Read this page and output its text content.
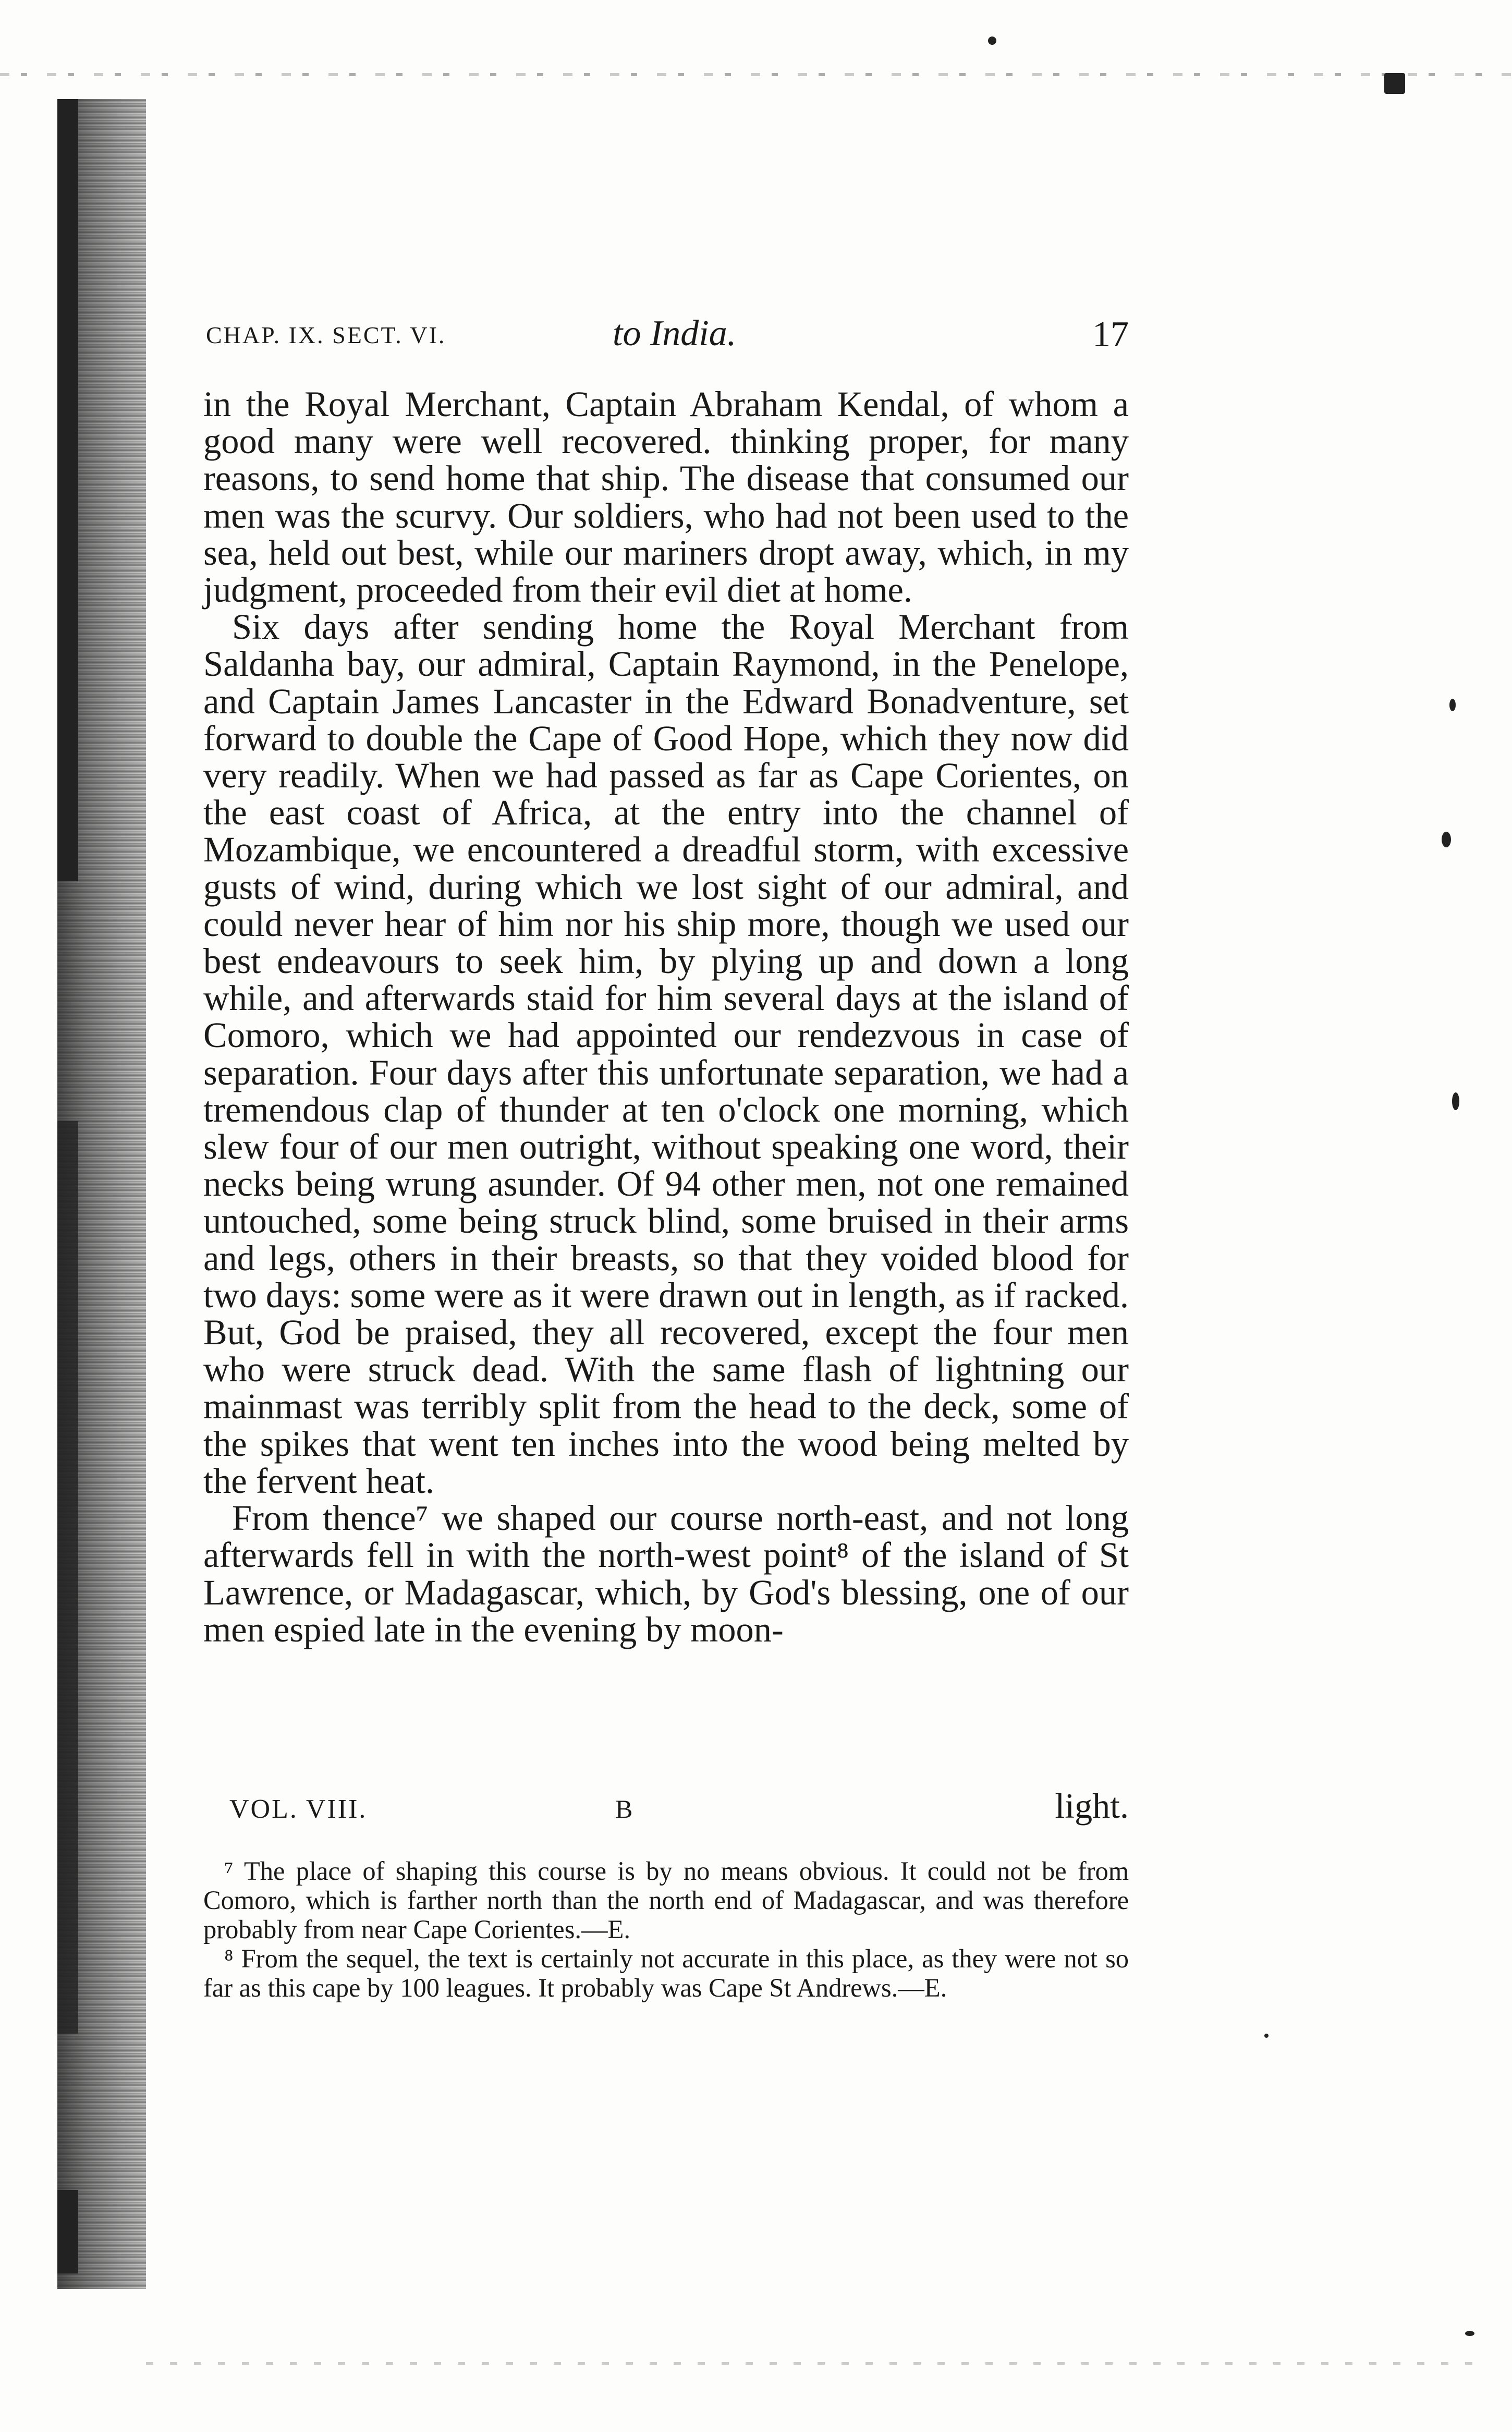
CHAP. IX. SECT. VI.	to India.	17

in the Royal Merchant, Captain Abraham Kendal, of whom a good many were well recovered. thinking proper, for many reasons, to send home that ship. The disease that consumed our men was the scurvy. Our soldiers, who had not been used to the sea, held out best, while our mariners dropt away, which, in my judgment, proceeded from their evil diet at home.

Six days after sending home the Royal Merchant from Saldanha bay, our admiral, Captain Raymond, in the Penelope, and Captain James Lancaster in the Edward Bonadventure, set forward to double the Cape of Good Hope, which they now did very readily. When we had passed as far as Cape Corientes, on the east coast of Africa, at the entry into the channel of Mozambique, we encountered a dreadful storm, with excessive gusts of wind, during which we lost sight of our admiral, and could never hear of him nor his ship more, though we used our best endeavours to seek him, by plying up and down a long while, and afterwards staid for him several days at the island of Comoro, which we had appointed our rendezvous in case of separation. Four days after this unfortunate separation, we had a tremendous clap of thunder at ten o'clock one morning, which slew four of our men outright, without speaking one word, their necks being wrung asunder. Of 94 other men, not one remained untouched, some being struck blind, some bruised in their arms and legs, others in their breasts, so that they voided blood for two days: some were as it were drawn out in length, as if racked. But, God be praised, they all recovered, except the four men who were struck dead. With the same flash of lightning our mainmast was terribly split from the head to the deck, some of the spikes that went ten inches into the wood being melted by the fervent heat.

From thence⁷ we shaped our course north-east, and not long afterwards fell in with the north-west point⁸ of the island of St Lawrence, or Madagascar, which, by God's blessing, one of our men espied late in the evening by moon-

VOL. VIII.	B	light.

⁷ The place of shaping this course is by no means obvious. It could not be from Comoro, which is farther north than the north end of Madagascar, and was therefore probably from near Cape Corientes.—E.

⁸ From the sequel, the text is certainly not accurate in this place, as they were not so far as this cape by 100 leagues. It probably was Cape St Andrews.—E.
